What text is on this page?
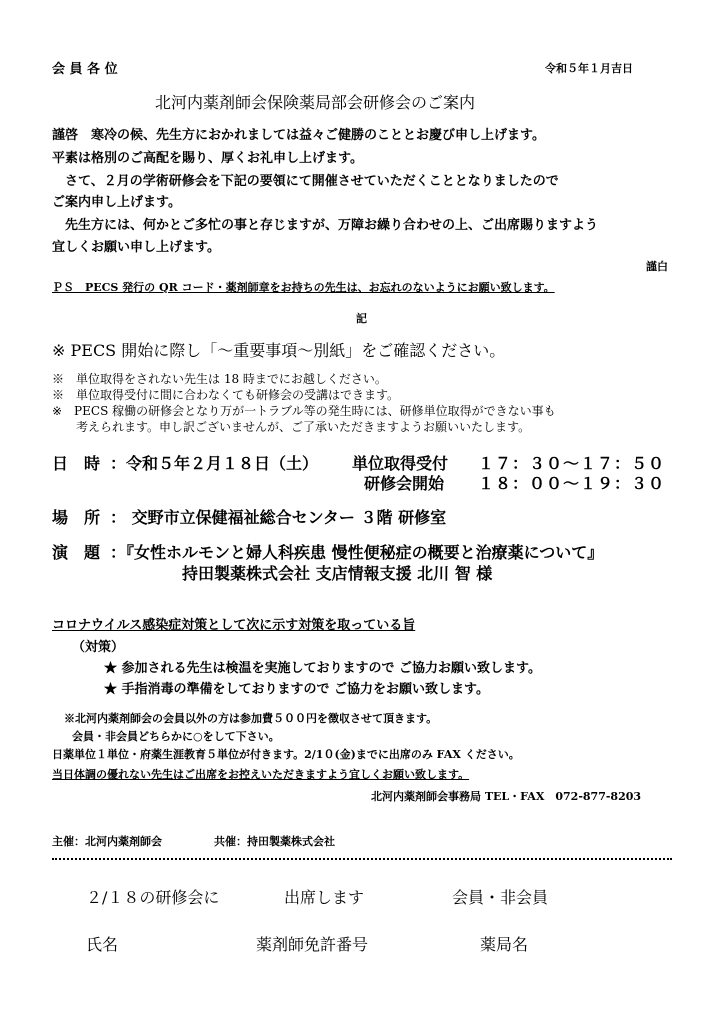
会 員 各 位	令和５年１月吉日
北河内薬剤師会保険薬局部会研修会のご案内
謹啓　寒冷の候、先生方におかれましては益々ご健勝のこととお慶び申し上げます。
平素は格別のご高配を賜り、厚くお礼申し上げます。
　さて、２月の学術研修会を下記の要領にて開催させていただくこととなりましたので
ご案内申し上げます。
　先生方には、何かとご多忙の事と存じますが、万障お繰り合わせの上、ご出席賜りますよう
宜しくお願い申し上げます。
謹白
ＰＳ　PECS 発行の QR コード・薬剤師章をお持ちの先生は、お忘れのないようにお願い致します。
記
※ PECS 開始に際し「～重要事項～別紙」をご確認ください。
※　単位取得をされない先生は 18 時までにお越しください。
※　単位取得受付に間に合わなくても研修会の受講はできます。
※　PECS 稼働の研修会となり万が一トラブル等の発生時には、研修単位取得ができない事も
　　考えられます。申し訳ございませんが、ご了承いただきますようお願いいたします。
日　時 ：令和５年２月１８日（土） 単位取得受付 １７：３０～１７：５０
研修会開始 １８：００～１９：３０
場　所 ： 交野市立保健福祉総合センター ３階 研修室
演　題 ：『女性ホルモンと婦人科疾患 慢性便秘症の概要と治療薬について』
持田製薬株式会社 支店情報支援 北川 智 様
コロナウイルス感染症対策として次に示す対策を取っている旨
（対策）
★ 参加される先生は検温を実施しておりますので ご協力お願い致します。
★ 手指消毒の準備をしておりますので ご協力をお願い致します。
※北河内薬剤師会の会員以外の方は参加費５００円を徴収させて頂きます。
会員・非会員どちらかに○をして下さい。
日薬単位１単位・府薬生涯教育５単位が付きます。2/1０(金)までに出席のみ FAX ください。
当日体調の優れない先生はご出席をお控えいただきますよう宜しくお願い致します。
北河内薬剤師会事務局 TEL・FAX　072-877-8203
主催：北河内薬剤師会	共催：持田製薬株式会社
２/１８の研修会に	出席します	会員・非会員
氏名	薬剤師免許番号	薬局名
